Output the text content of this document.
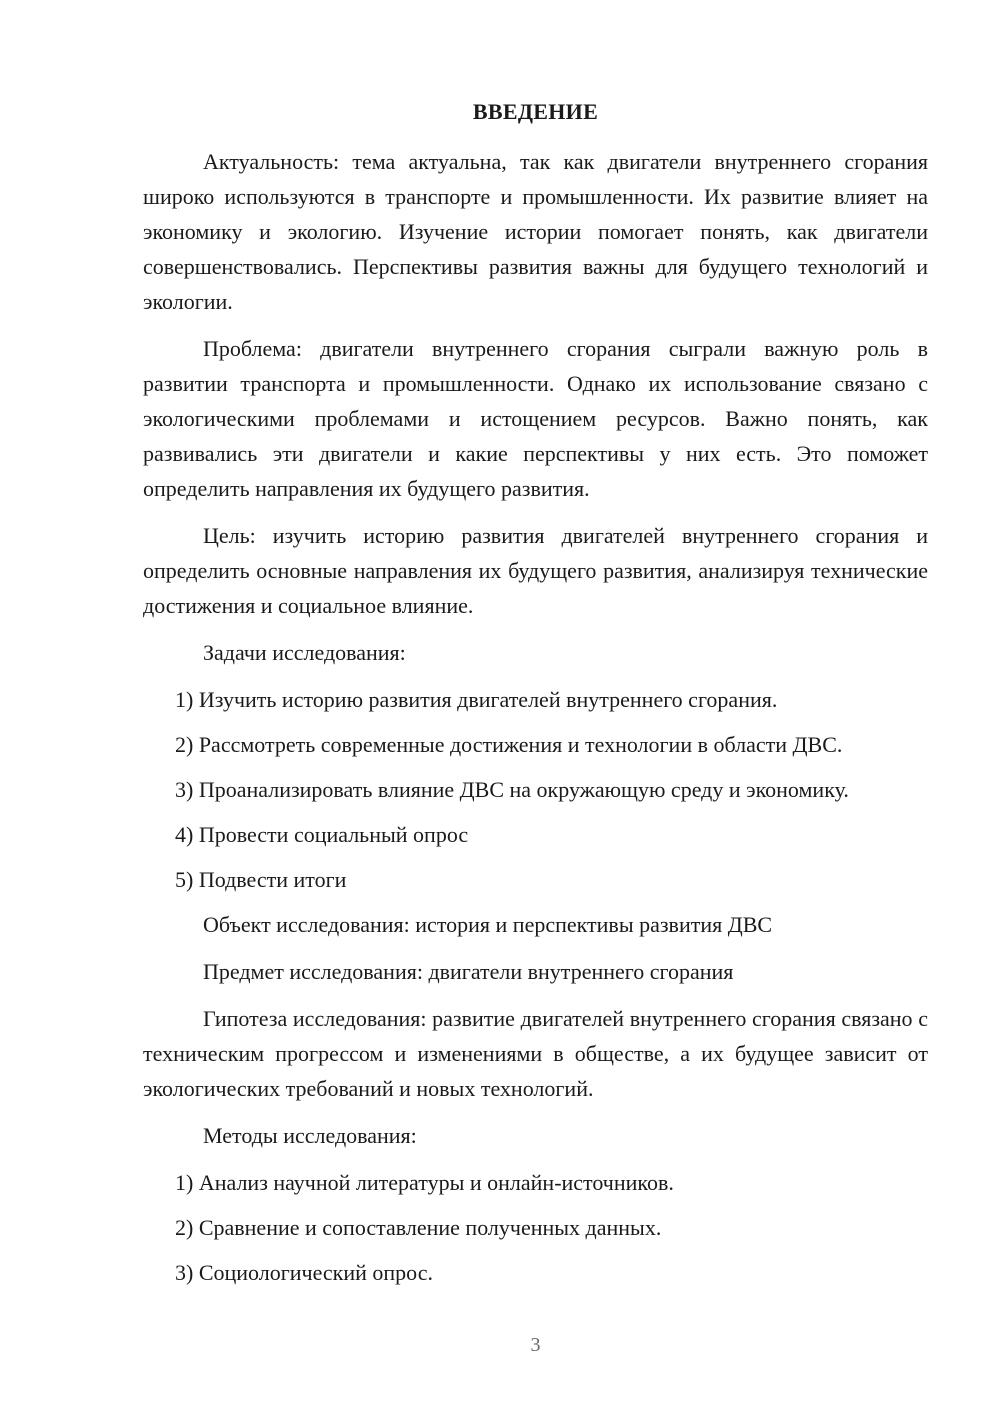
ВВЕДЕНИЕ

Актуальность: тема актуальна, так как двигатели внутреннего сгорания широко используются в транспорте и промышленности. Их развитие влияет на экономику и экологию. Изучение истории помогает понять, как двигатели совершенствовались. Перспективы развития важны для будущего технологий и экологии.

Проблема: двигатели внутреннего сгорания сыграли важную роль в развитии транспорта и промышленности. Однако их использование связано с экологическими проблемами и истощением ресурсов. Важно понять, как развивались эти двигатели и какие перспективы у них есть. Это поможет определить направления их будущего развития.

Цель: изучить историю развития двигателей внутреннего сгорания и определить основные направления их будущего развития, анализируя технические достижения и социальное влияние.

Задачи исследования:

1) Изучить историю развития двигателей внутреннего сгорания.

2) Рассмотреть современные достижения и технологии в области ДВС.

3) Проанализировать влияние ДВС на окружающую среду и экономику.

4) Провести социальный опрос

5) Подвести итоги

Объект исследования: история и перспективы развития ДВС

Предмет исследования: двигатели внутреннего сгорания

Гипотеза исследования: развитие двигателей внутреннего сгорания связано с техническим прогрессом и изменениями в обществе, а их будущее зависит от экологических требований и новых технологий.

Методы исследования:

1) Анализ научной литературы и онлайн-источников.

2) Сравнение и сопоставление полученных данных.

3) Социологический опрос.

3
